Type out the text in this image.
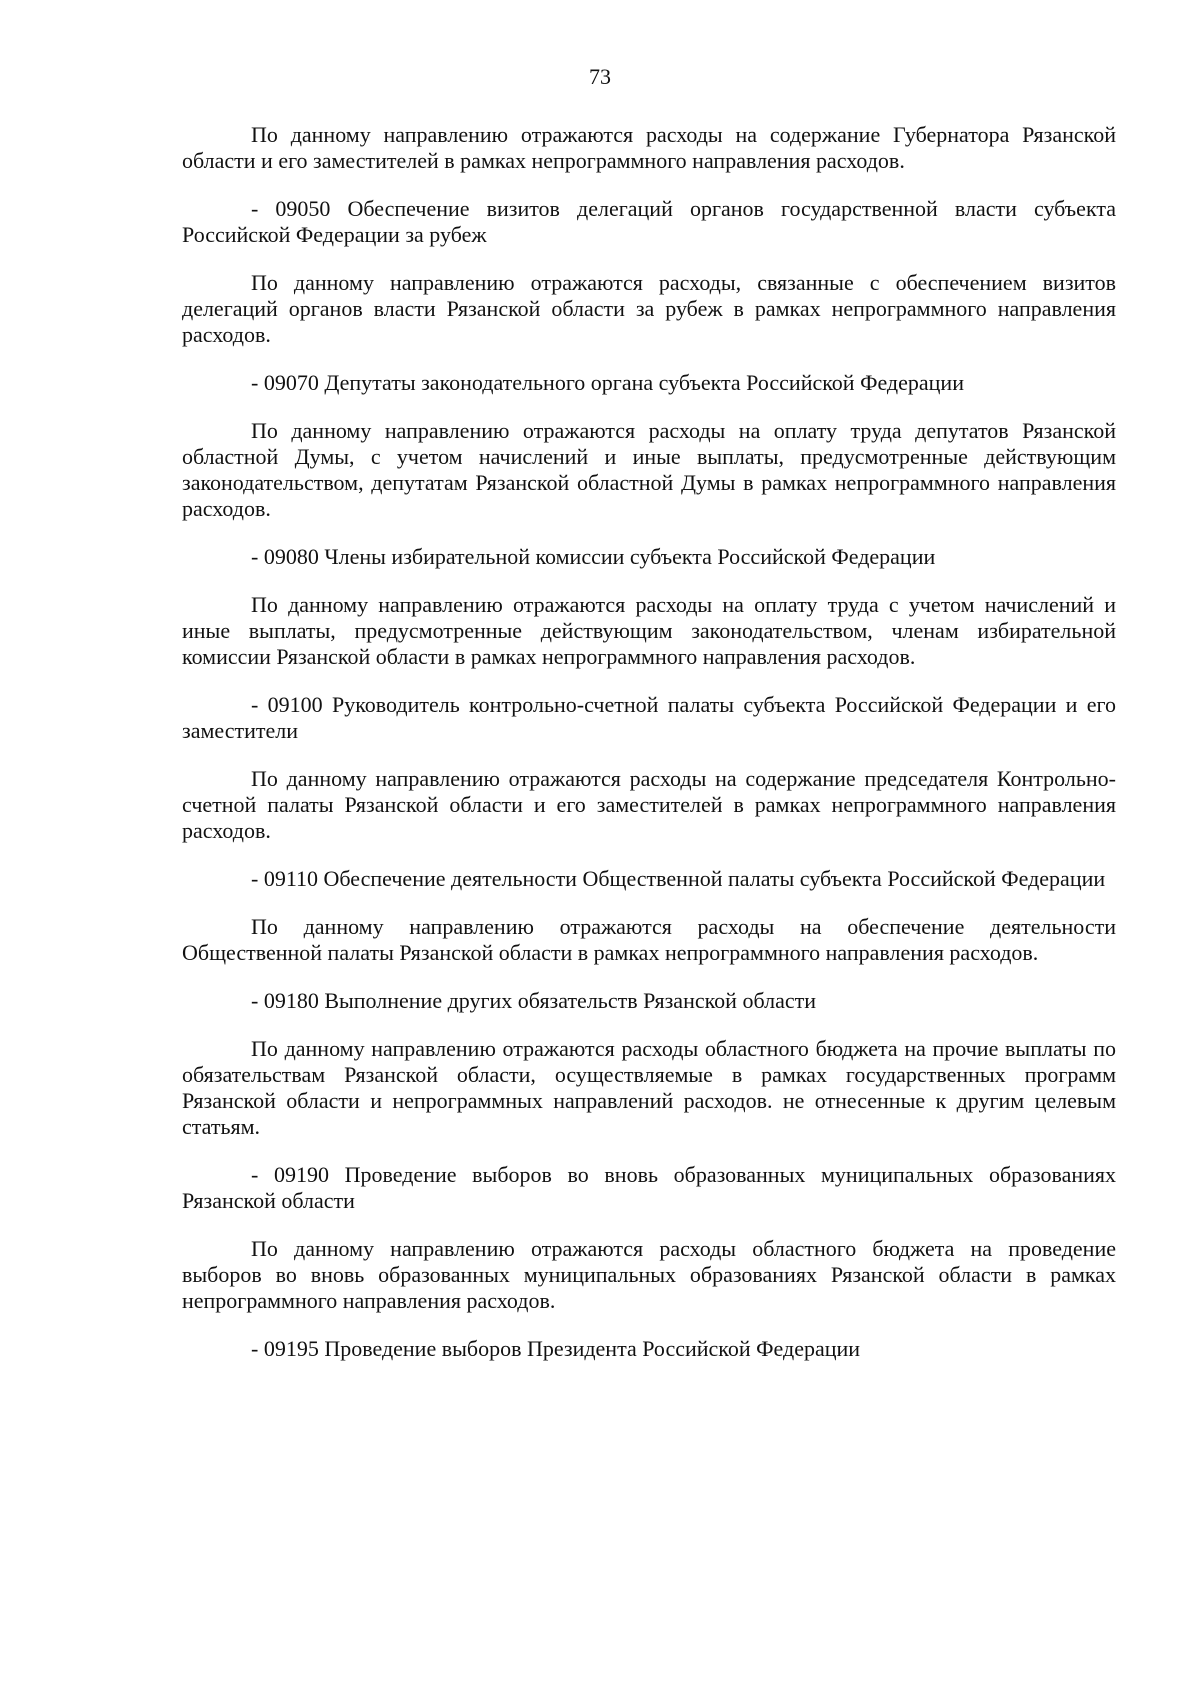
73

По данному направлению отражаются расходы на содержание Губернатора Рязанской области и его заместителей в рамках непрограммного направления расходов.

- 09050 Обеспечение визитов делегаций органов государственной власти субъекта Российской Федерации за рубеж

По данному направлению отражаются расходы, связанные с обеспечением визитов делегаций органов власти Рязанской области за рубеж в рамках непрограммного направления расходов.

- 09070 Депутаты законодательного органа субъекта Российской Федерации

По данному направлению отражаются расходы на оплату труда депутатов Рязанской областной Думы, с учетом начислений и иные выплаты, предусмотренные действующим законодательством, депутатам Рязанской областной Думы в рамках непрограммного направления расходов.

- 09080 Члены избирательной комиссии субъекта Российской Федерации

По данному направлению отражаются расходы на оплату труда с учетом начислений и иные выплаты, предусмотренные действующим законодательством, членам избирательной комиссии Рязанской области в рамках непрограммного направления расходов.

- 09100 Руководитель контрольно-счетной палаты субъекта Российской Федерации и его заместители

По данному направлению отражаются расходы на содержание председателя Контрольно-счетной палаты Рязанской области и его заместителей в рамках непрограммного направления расходов.

- 09110 Обеспечение деятельности Общественной палаты субъекта Российской Федерации

По данному направлению отражаются расходы на обеспечение деятельности Общественной палаты Рязанской области в рамках непрограммного направления расходов.

- 09180 Выполнение других обязательств Рязанской области

По данному направлению отражаются расходы областного бюджета на прочие выплаты по обязательствам Рязанской области, осуществляемые в рамках государственных программ Рязанской области и непрограммных направлений расходов. не отнесенные к другим целевым статьям.

- 09190 Проведение выборов во вновь образованных муниципальных образованиях Рязанской области

По данному направлению отражаются расходы областного бюджета на проведение выборов во вновь образованных муниципальных образованиях Рязанской области в рамках непрограммного направления расходов.

- 09195 Проведение выборов Президента Российской Федерации
